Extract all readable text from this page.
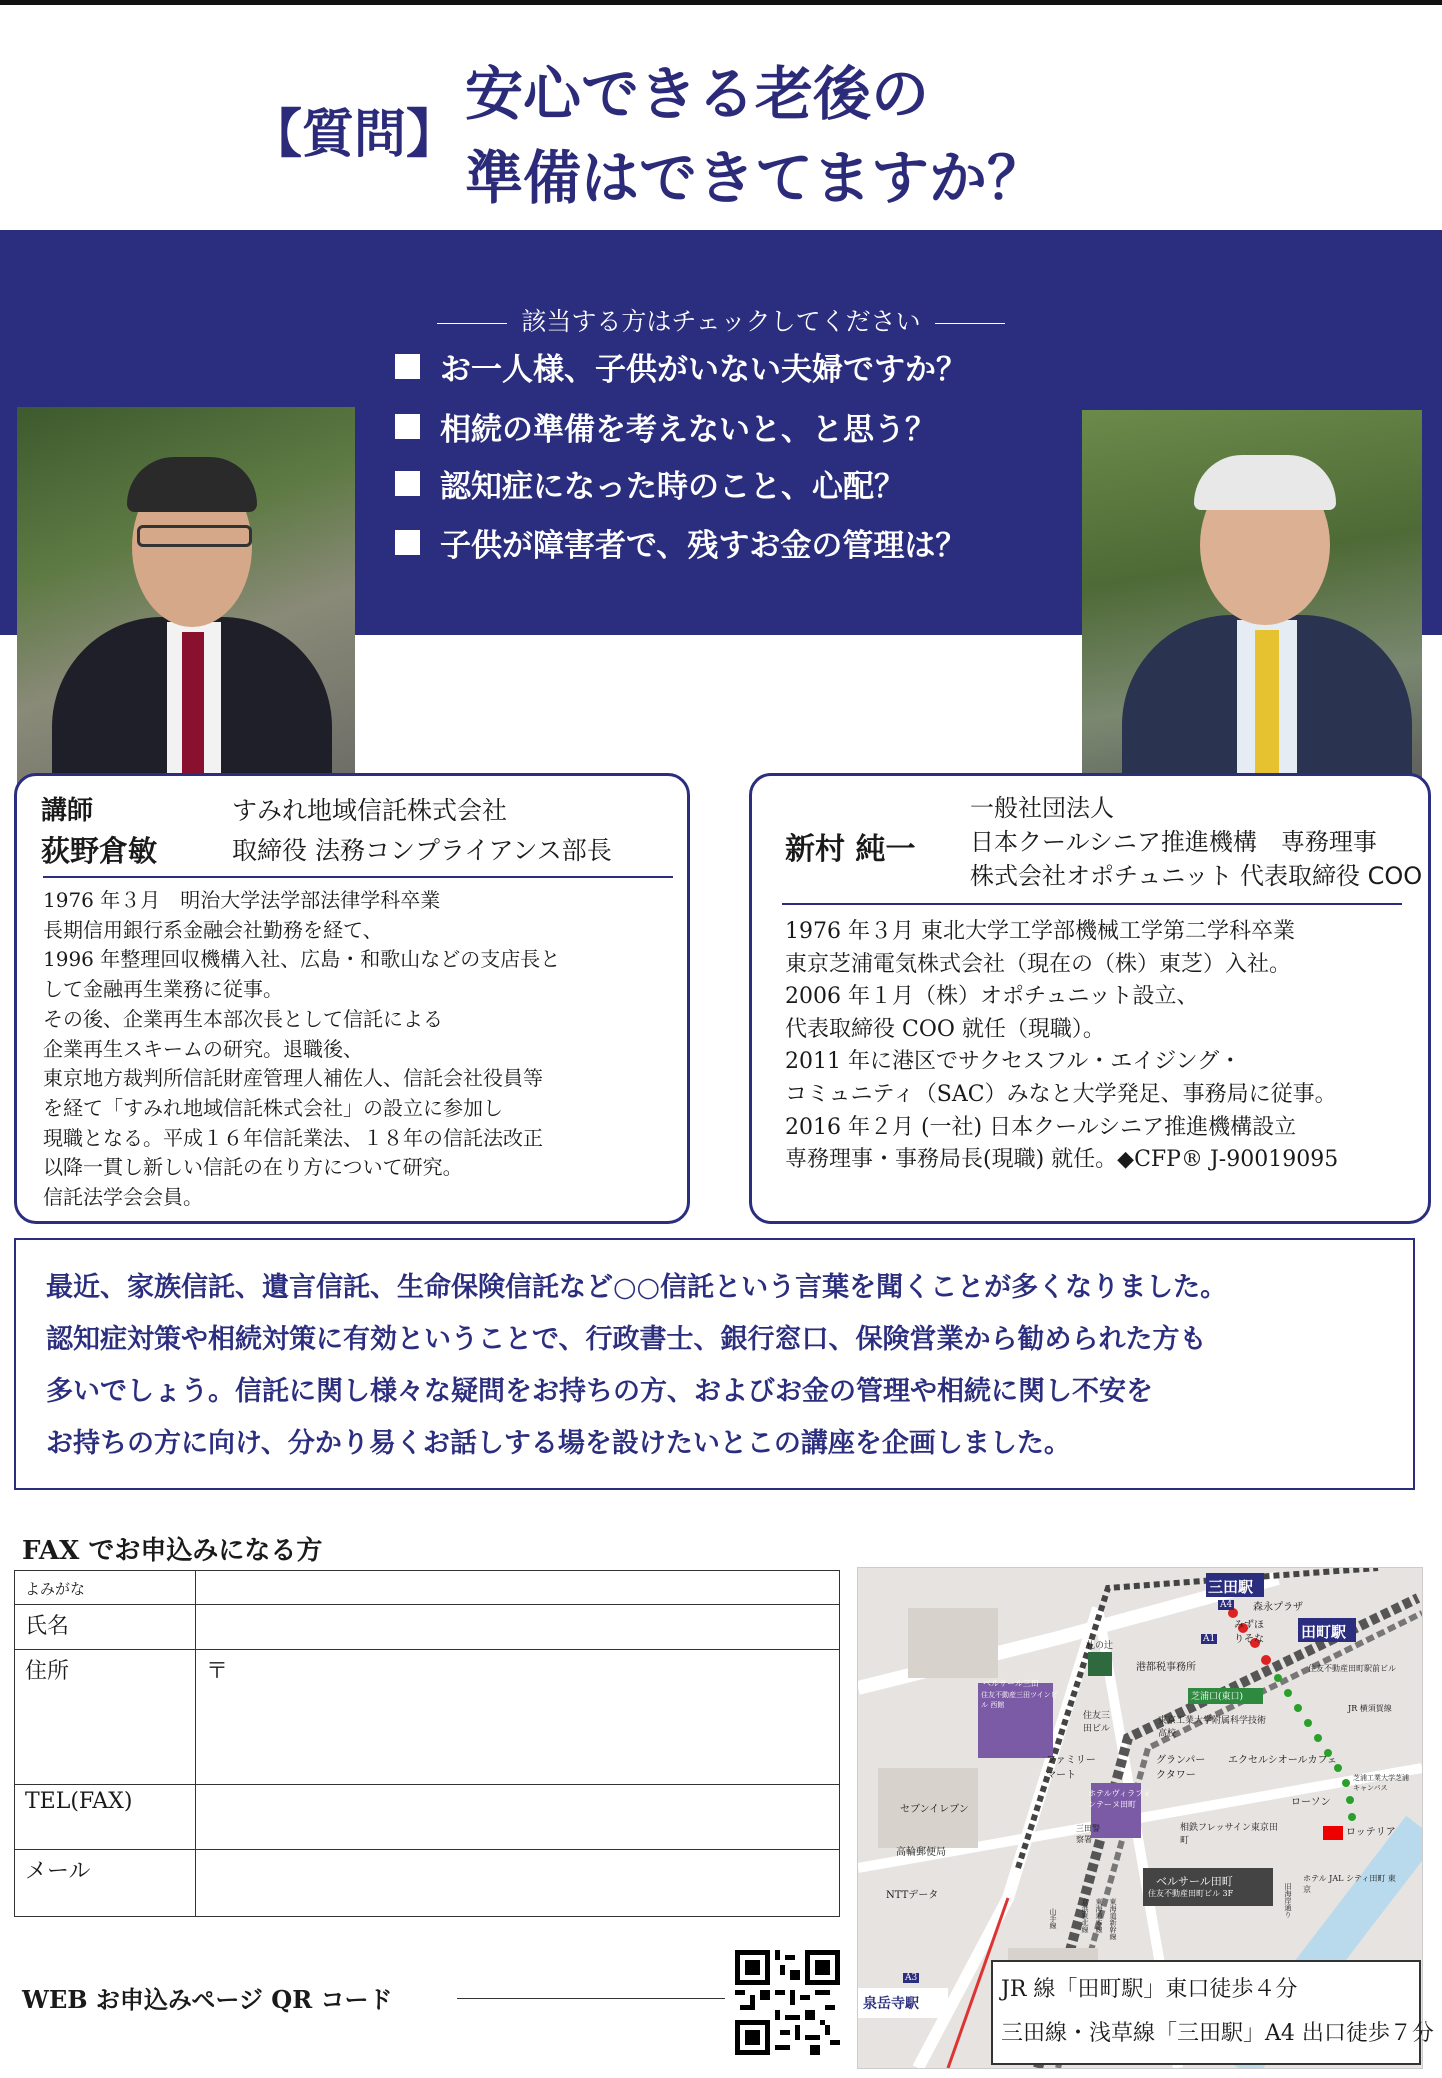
【質問】
安心できる老後の
準備はできてますか？
該当する方はチェックしてください
お一人様、子供がいない夫婦ですか？
相続の準備を考えないと、と思う？
認知症になった時のこと、心配？
子供が障害者で、残すお金の管理は？
講師
荻野倉敏
すみれ地域信託株式会社
取締役 法務コンプライアンス部長
1976 年３月　明治大学法学部法律学科卒業
長期信用銀行系金融会社勤務を経て、
1996 年整理回収機構入社、広島・和歌山などの支店長と
して金融再生業務に従事。
その後、企業再生本部次長として信託による
企業再生スキームの研究。退職後、
東京地方裁判所信託財産管理人補佐人、信託会社役員等
を経て「すみれ地域信託株式会社」の設立に参加し
現職となる。平成１６年信託業法、１８年の信託法改正
以降一貫し新しい信託の在り方について研究。
信託法学会会員。
新村 純一
一般社団法人
日本クールシニア推進機構　専務理事
株式会社オポチュニット 代表取締役 COO
1976 年３月 東北大学工学部機械工学第二学科卒業
東京芝浦電気株式会社（現在の（株）東芝）入社。
2006 年１月（株）オポチュニット設立、
代表取締役 COO 就任（現職）。
2011 年に港区でサクセスフル・エイジング・
コミュニティ（SAC）みなと大学発足、事務局に従事。
2016 年２月 (一社) 日本クールシニア推進機構設立
専務理事・事務局長(現職) 就任。◆CFP® J-90019095
最近、家族信託、遺言信託、生命保険信託など○○信託という言葉を聞くことが多くなりました。
認知症対策や相続対策に有効ということで、行政書士、銀行窓口、保険営業から勧められた方も
多いでしょう。信託に関し様々な疑問をお持ちの方、およびお金の管理や相続に関し不安を
お持ちの方に向け、分かり易くお話しする場を設けたいとこの講座を企画しました。
FAX でお申込みになる方
よみがな	
氏名	
住所	〒
TEL(FAX)	
メール	
WEB お申込みページ QR コード
三田駅
田町駅
泉岳寺駅
A4
A1
A3
森永プラザ
みずほ
りそな
札の辻
港都税事務所
芝浦口(東口)
住友不動産田町駅前ビル
JR 横須賀線
ベルサール三田
住友不動産三田ツインビル 西館
住友三田ビル
東京工業大学附属科学技術高校
ファミリーマート
グランパークタワー
エクセルシオールカフェ
セブンイレブン
ホテルヴィラフォンテーヌ田町
三田警察署
相鉄フレッサイン東京田町
ローソン
ロッテリア
芝浦工業大学芝浦キャンパス
高輪郵便局
NTTデータ
ベルサール田町
住友不動産田町ビル 3F
ホテル JAL シティ田町 東京
東海道新幹線
京浜東北線
山手線	東海道本線	旧海岸通り
JR 線「田町駅」東口徒歩４分
三田線・浅草線「三田駅」A4 出口徒歩７分
